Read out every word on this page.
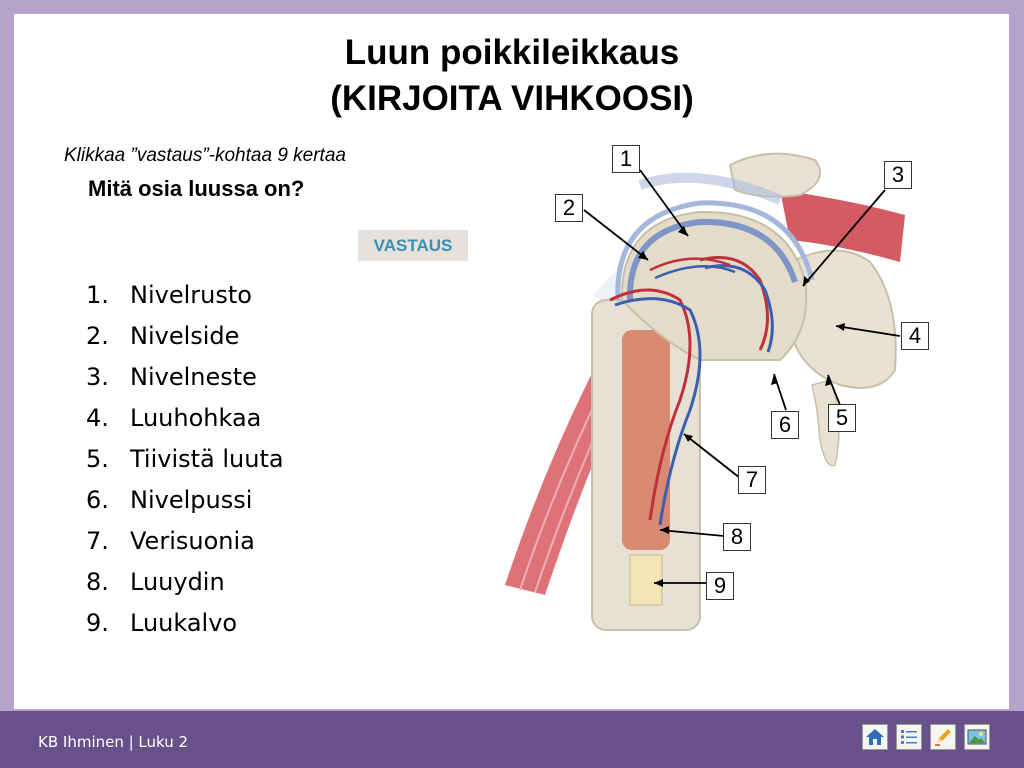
Luun poikkileikkaus
(KIRJOITA VIHKOOSI)
Klikkaa ”vastaus”-kohtaa 9 kertaa
Mitä osia luussa on?
VASTAUS
1. Nivelrusto
2. Nivelside
3. Nivelneste
4. Luuhohkaa
5. Tiivistä luuta
6. Nivelpussi
7. Verisuonia
8. Luuydin
9. Luukalvo
1
2
3
4
5
6
7
8
9
KB Ihminen | Luku 2
